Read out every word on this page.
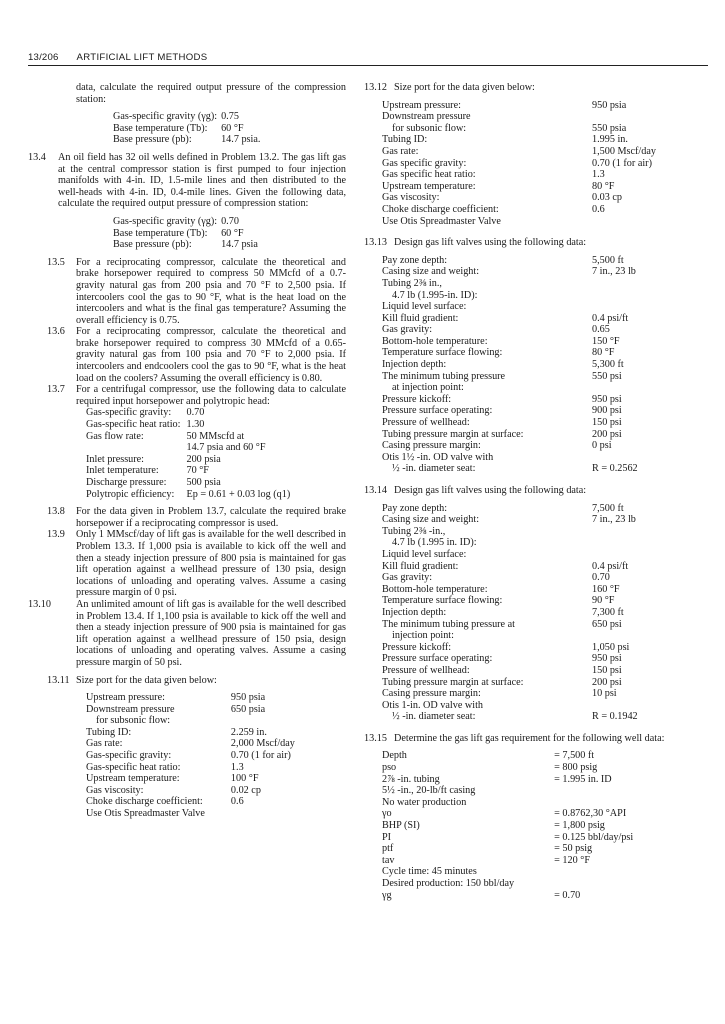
13/206 ARTIFICIAL LIFT METHODS
data, calculate the required output pressure of the compression station:
Gas-specific gravity (γg):	0.75
Base temperature (Tb):	60 °F
Base pressure (pb):	14.7 psia.
13.4	An oil field has 32 oil wells defined in Problem 13.2. The gas lift gas at the central compressor station is first pumped to four injection manifolds with 4-in. ID, 1.5-mile lines and then distributed to the well-heads with 4-in. ID, 0.4-mile lines. Given the following data, calculate the required output pressure of compression station:
Gas-specific gravity (γg):	0.70
Base temperature (Tb):	60 °F
Base pressure (pb):	14.7 psia
13.5	For a reciprocating compressor, calculate the theoretical and brake horsepower required to compress 50 MMcfd of a 0.7-gravity natural gas from 200 psia and 70 °F to 2,500 psia. If intercoolers cool the gas to 90 °F, what is the heat load on the intercoolers and what is the final gas temperature? Assuming the overall efficiency is 0.75.
13.6	For a reciprocating compressor, calculate the theoretical and brake horsepower required to compress 30 MMcfd of a 0.65-gravity natural gas from 100 psia and 70 °F to 2,000 psia. If intercoolers and endcoolers cool the gas to 90 °F, what is the heat load on the coolers? Assuming the overall efficiency is 0.80.
13.7	For a centrifugal compressor, use the following data to calculate required input horsepower and polytropic head:
Gas-specific gravity:	0.70
Gas-specific heat ratio:	1.30
Gas flow rate:	50 MMscfd at
	14.7 psia and 60 °F
Inlet pressure:	200 psia
Inlet temperature:	70 °F
Discharge pressure:	500 psia
Polytropic efficiency:	Ep = 0.61 + 0.03 log (q1)
13.8	For the data given in Problem 13.7, calculate the required brake horsepower if a reciprocating compressor is used.
13.9	Only 1 MMscf/day of lift gas is available for the well described in Problem 13.3. If 1,000 psia is available to kick off the well and then a steady injection pressure of 800 psia is maintained for gas lift operation against a wellhead pressure of 130 psia, design locations of unloading and operating valves. Assume a casing pressure margin of 0 psi.
13.10	An unlimited amount of lift gas is available for the well described in Problem 13.4. If 1,100 psia is available to kick off the well and then a steady injection pressure of 900 psia is maintained for gas lift operation against a wellhead pressure of 150 psia, design locations of unloading and operating valves. Assume a casing pressure margin of 50 psi.
13.11 Size port for the data given below:
Upstream pressure:	950 psia
Downstream pressure	650 psia
for subsonic flow:	
Tubing ID:	2.259 in.
Gas rate:	2,000 Mscf/day
Gas-specific gravity:	0.70 (1 for air)
Gas-specific heat ratio:	1.3
Upstream temperature:	100 °F
Gas viscosity:	0.02 cp
Choke discharge coefficient:	0.6
Use Otis Spreadmaster Valve	
13.12 Size port for the data given below:
Upstream pressure:	950 psia
Downstream pressure	
for subsonic flow:	550 psia
Tubing ID:	1.995 in.
Gas rate:	1,500 Mscf/day
Gas specific gravity:	0.70 (1 for air)
Gas specific heat ratio:	1.3
Upstream temperature:	80 °F
Gas viscosity:	0.03 cp
Choke discharge coefficient:	0.6
Use Otis Spreadmaster Valve	
13.13 Design gas lift valves using the following data:
Pay zone depth:	5,500 ft
Casing size and weight:	7 in., 23 lb
Tubing 2⅜ in.,	
4.7 lb (1.995-in. ID):	
Liquid level surface:	
Kill fluid gradient:	0.4 psi/ft
Gas gravity:	0.65
Bottom-hole temperature:	150 °F
Temperature surface flowing:	80 °F
Injection depth:	5,300 ft
The minimum tubing pressure	550 psi
at injection point:	
Pressure kickoff:	950 psi
Pressure surface operating:	900 psi
Pressure of wellhead:	150 psi
Tubing pressure margin at surface:	200 psi
Casing pressure margin:	0 psi
Otis 1½ -in. OD valve with	
½ -in. diameter seat:	R = 0.2562
13.14 Design gas lift valves using the following data:
Pay zone depth:	7,500 ft
Casing size and weight:	7 in., 23 lb
Tubing 2⅜ -in.,	
4.7 lb (1.995 in. ID):	
Liquid level surface:	
Kill fluid gradient:	0.4 psi/ft
Gas gravity:	0.70
Bottom-hole temperature:	160 °F
Temperature surface flowing:	90 °F
Injection depth:	7,300 ft
The minimum tubing pressure at	650 psi
injection point:	
Pressure kickoff:	1,050 psi
Pressure surface operating:	950 psi
Pressure of wellhead:	150 psi
Tubing pressure margin at surface:	200 psi
Casing pressure margin:	10 psi
Otis 1-in. OD valve with	
½ -in. diameter seat:	R = 0.1942
13.15 Determine the gas lift gas requirement for the following well data:
Depth	= 7,500 ft
pso	= 800 psig
2⅞ -in. tubing	= 1.995 in. ID
5½ -in., 20-lb/ft casing	
No water production	
γo	= 0.8762,30 °API
BHP (SI)	= 1,800 psig
PI	= 0.125 bbl/day/psi
ptf	= 50 psig
tav	= 120 °F
Cycle time: 45 minutes	
Desired production: 150 bbl/day	
γg	= 0.70
